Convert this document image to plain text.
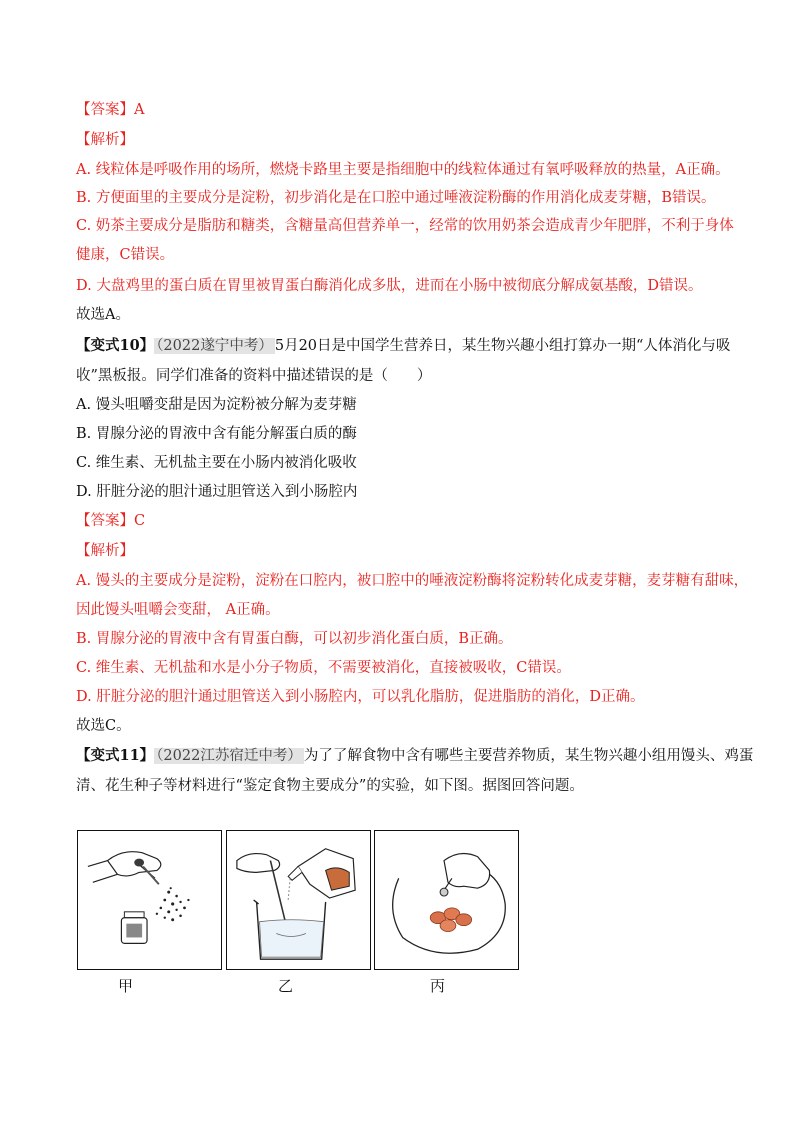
【答案】A
【解析】
A. 线粒体是呼吸作用的场所，燃烧卡路里主要是指细胞中的线粒体通过有氧呼吸释放的热量，A正确。
B. 方便面里的主要成分是淀粉，初步消化是在口腔中通过唾液淀粉酶的作用消化成麦芽糖，B错误。
C. 奶茶主要成分是脂肪和糖类，含糖量高但营养单一，经常的饮用奶茶会造成青少年肥胖，不利于身体
健康，C错误。
D. 大盘鸡里的蛋白质在胃里被胃蛋白酶消化成多肽，进而在小肠中被彻底分解成氨基酸，D错误。
故选A。
【变式10】 （2022遂宁中考） 5月20日是中国学生营养日，某生物兴趣小组打算办一期“人体消化与吸
收”黑板报。同学们准备的资料中描述错误的是（　　）
A. 馒头咀嚼变甜是因为淀粉被分解为麦芽糖
B. 胃腺分泌的胃液中含有能分解蛋白质的酶
C. 维生素、无机盐主要在小肠内被消化吸收
D. 肝脏分泌的胆汁通过胆管送入到小肠腔内
【答案】C
【解析】
A. 馒头的主要成分是淀粉，淀粉在口腔内，被口腔中的唾液淀粉酶将淀粉转化成麦芽糖，麦芽糖有甜味，
因此馒头咀嚼会变甜， A正确。
B. 胃腺分泌的胃液中含有胃蛋白酶，可以初步消化蛋白质，B正确。
C. 维生素、无机盐和水是小分子物质，不需要被消化，直接被吸收，C错误。
D. 肝脏分泌的胆汁通过胆管送入到小肠腔内，可以乳化脂肪，促进脂肪的消化，D正确。
故选C。
【变式11】 （2022江苏宿迁中考） 为了了解食物中含有哪些主要营养物质，某生物兴趣小组用馒头、鸡蛋
清、花生种子等材料进行“鉴定食物主要成分”的实验，如下图。据图回答问题。
甲	乙	丙
